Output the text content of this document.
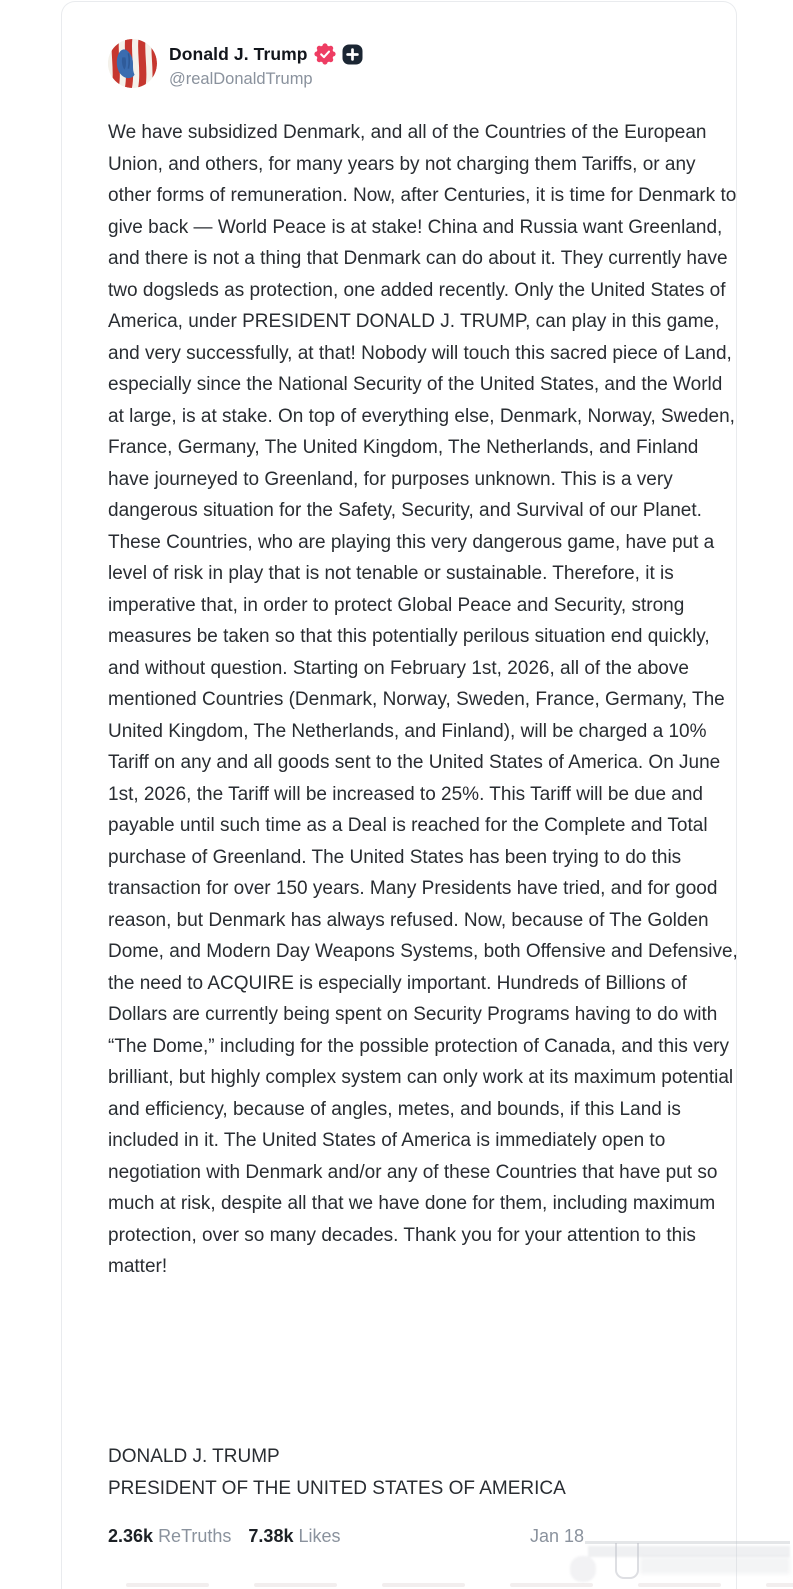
Donald J. Trump
@realDonaldTrump
We have subsidized Denmark, and all of the Countries of the European Union, and others, for many years by not charging them Tariffs, or any other forms of remuneration. Now, after Centuries, it is time for Denmark to give back — World Peace is at stake! China and Russia want Greenland, and there is not a thing that Denmark can do about it. They currently have two dogsleds as protection, one added recently. Only the United States of America, under PRESIDENT DONALD J. TRUMP, can play in this game, and very successfully, at that! Nobody will touch this sacred piece of Land, especially since the National Security of the United States, and the World at large, is at stake. On top of everything else, Denmark, Norway, Sweden, France, Germany, The United Kingdom, The Netherlands, and Finland have journeyed to Greenland, for purposes unknown. This is a very dangerous situation for the Safety, Security, and Survival of our Planet. These Countries, who are playing this very dangerous game, have put a level of risk in play that is not tenable or sustainable. Therefore, it is imperative that, in order to protect Global Peace and Security, strong measures be taken so that this potentially perilous situation end quickly, and without question. Starting on February 1st, 2026, all of the above mentioned Countries (Denmark, Norway, Sweden, France, Germany, The United Kingdom, The Netherlands, and Finland), will be charged a 10% Tariff on any and all goods sent to the United States of America. On June 1st, 2026, the Tariff will be increased to 25%. This Tariff will be due and payable until such time as a Deal is reached for the Complete and Total purchase of Greenland. The United States has been trying to do this transaction for over 150 years. Many Presidents have tried, and for good reason, but Denmark has always refused. Now, because of The Golden Dome, and Modern Day Weapons Systems, both Offensive and Defensive, the need to ACQUIRE is especially important. Hundreds of Billions of Dollars are currently being spent on Security Programs having to do with “The Dome,” including for the possible protection of Canada, and this very brilliant, but highly complex system can only work at its maximum potential and efficiency, because of angles, metes, and bounds, if this Land is included in it. The United States of America is immediately open to negotiation with Denmark and/or any of these Countries that have put so much at risk, despite all that we have done for them, including maximum protection, over so many decades. Thank you for your attention to this matter!
DONALD J. TRUMP
PRESIDENT OF THE UNITED STATES OF AMERICA
2.36k ReTruths 7.38k Likes	Jan 18
